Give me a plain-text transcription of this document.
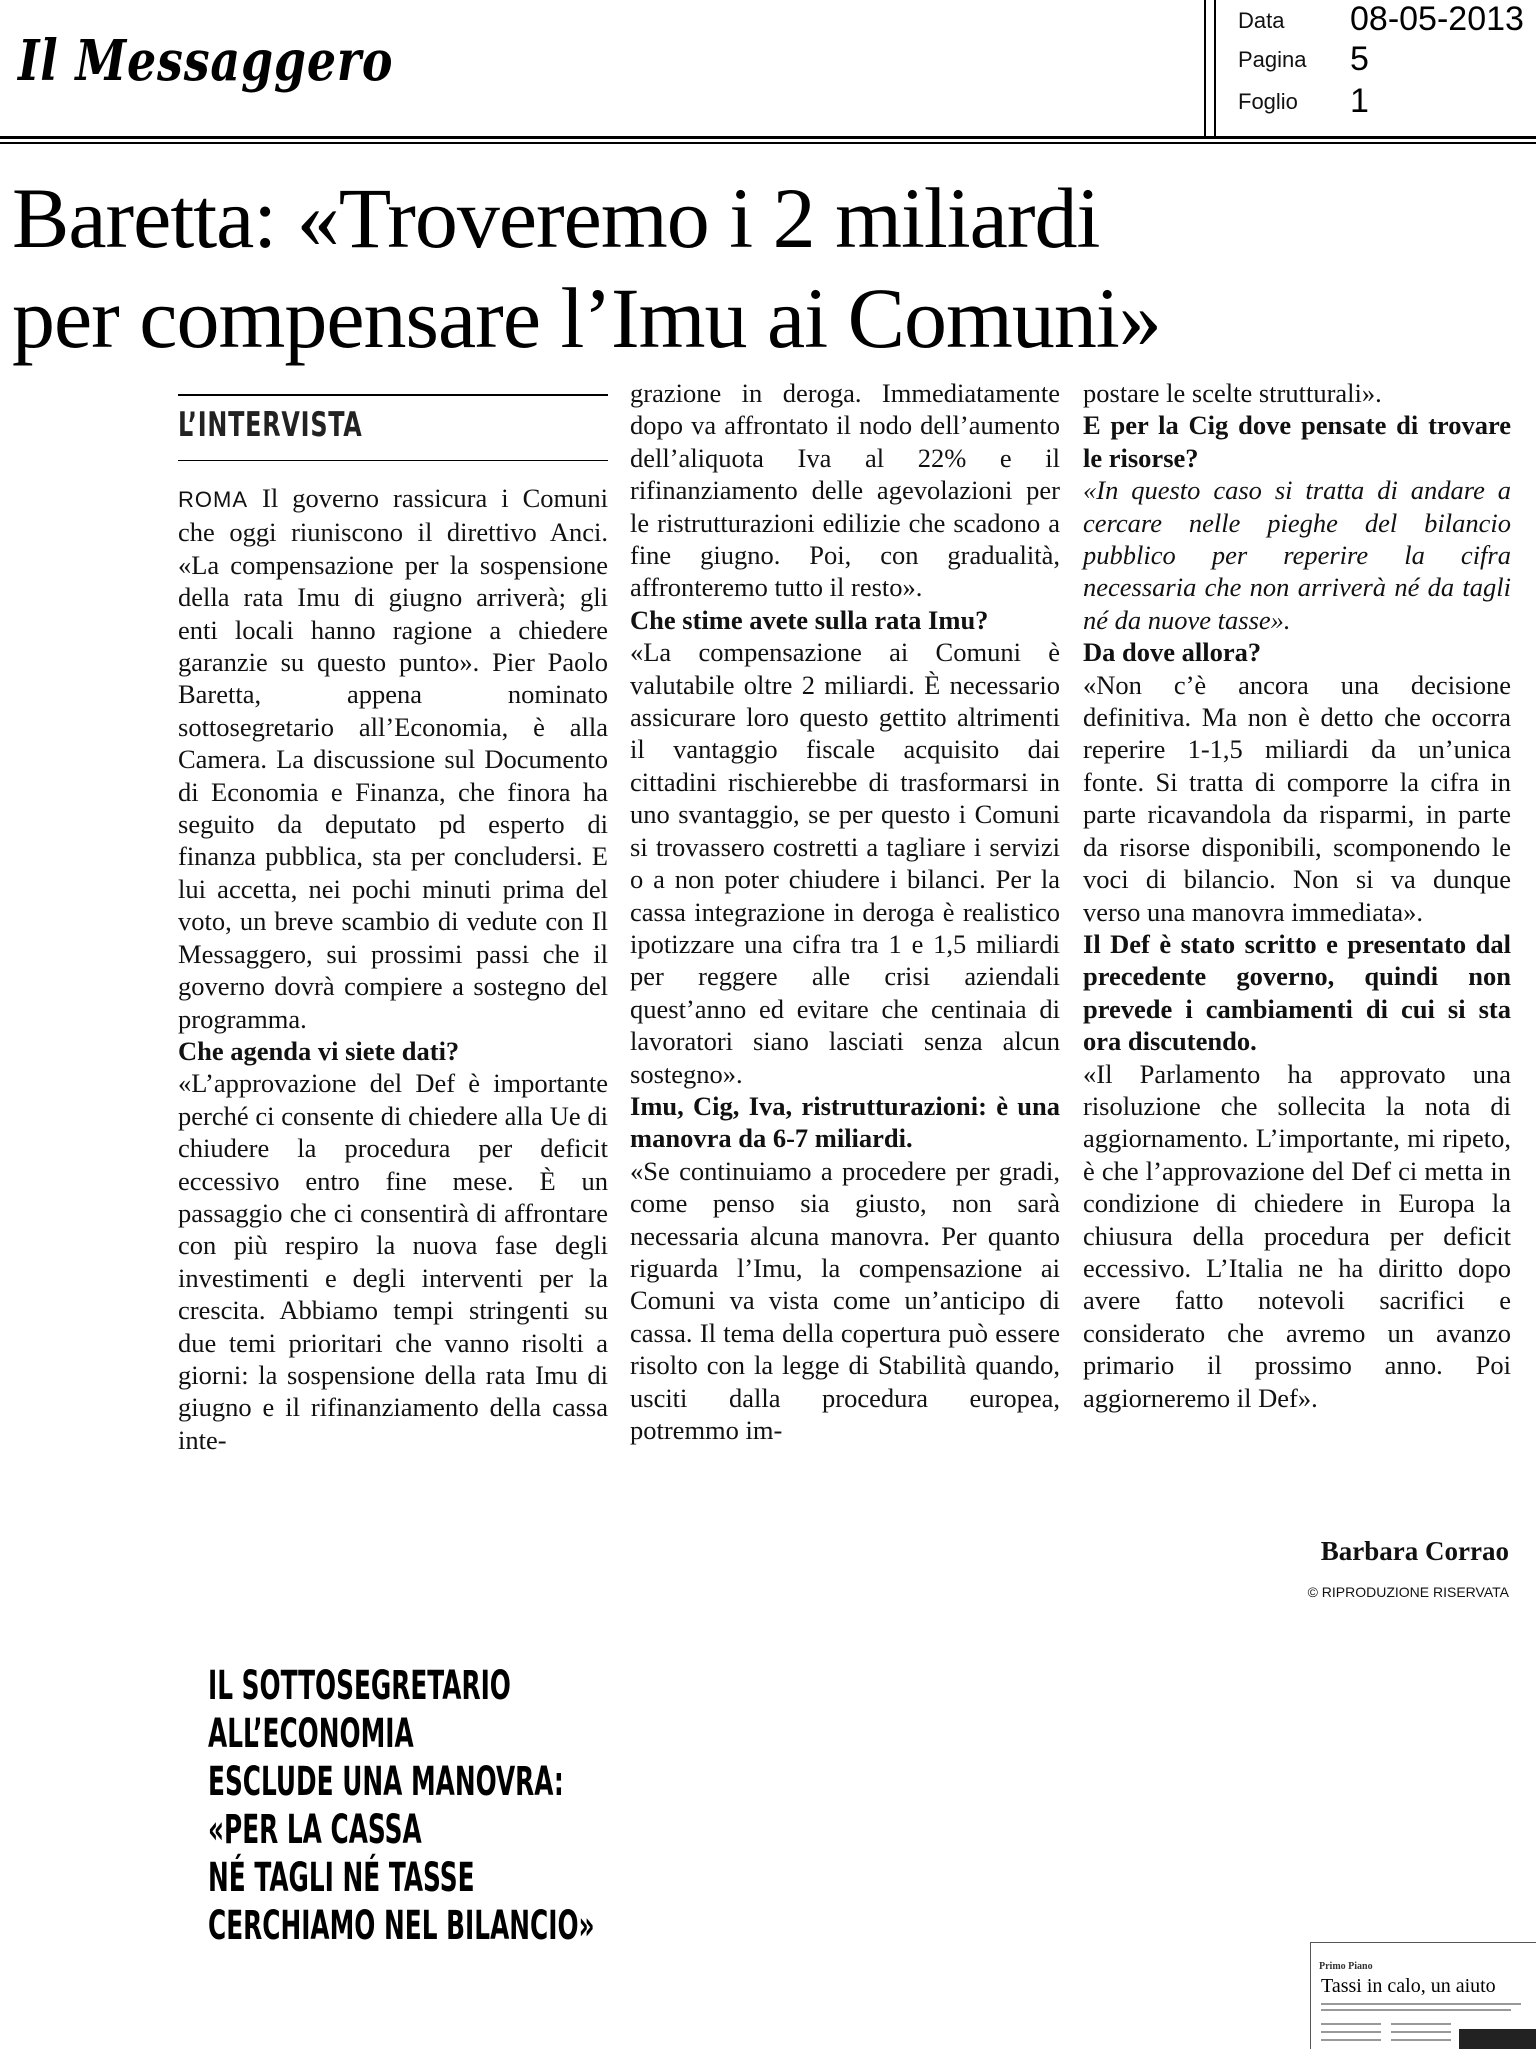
Il Messaggero
Data 08-05-2013
Pagina 5
Foglio 1
Baretta: «Troveremo i 2 miliardi
per compensare l’Imu ai Comuni»
L’INTERVISTA

ROMA Il governo rassicura i Comuni che oggi riuniscono il direttivo Anci. «La compensazione per la sospensione della rata Imu di giugno arriverà; gli enti locali hanno ragione a chiedere garanzie su questo punto». Pier Paolo Baretta, appena nominato sottosegretario all’Economia, è alla Camera. La discussione sul Documento di Economia e Finanza, che finora ha seguito da deputato pd esperto di finanza pubblica, sta per concludersi. E lui accetta, nei pochi minuti prima del voto, un breve scambio di vedute con Il Messaggero, sui prossimi passi che il governo dovrà compiere a sostegno del programma.

Che agenda vi siete dati?

«L’approvazione del Def è importante perché ci consente di chiedere alla Ue di chiudere la procedura per deficit eccessivo entro fine mese. È un passaggio che ci consentirà di affrontare con più respiro la nuova fase degli investimenti e degli interventi per la crescita. Abbiamo tempi stringenti su due temi prioritari che vanno risolti a giorni: la sospensione della rata Imu di giugno e il rifinanziamento della cassa inte-

grazione in deroga. Immediatamente dopo va affrontato il nodo dell’aumento dell’aliquota Iva al 22% e il rifinanziamento delle agevolazioni per le ristrutturazioni edilizie che scadono a fine giugno. Poi, con gradualità, affronteremo tutto il resto».

Che stime avete sulla rata Imu?

«La compensazione ai Comuni è valutabile oltre 2 miliardi. È necessario assicurare loro questo gettito altrimenti il vantaggio fiscale acquisito dai cittadini rischierebbe di trasformarsi in uno svantaggio, se per questo i Comuni si trovassero costretti a tagliare i servizi o a non poter chiudere i bilanci. Per la cassa integrazione in deroga è realistico ipotizzare una cifra tra 1 e 1,5 miliardi per reggere alle crisi aziendali quest’anno ed evitare che centinaia di lavoratori siano lasciati senza alcun sostegno».

Imu, Cig, Iva, ristrutturazioni: è una manovra da 6-7 miliardi.

«Se continuiamo a procedere per gradi, come penso sia giusto, non sarà necessaria alcuna manovra. Per quanto riguarda l’Imu, la compensazione ai Comuni va vista come un’anticipo di cassa. Il tema della copertura può essere risolto con la legge di Stabilità quando, usciti dalla procedura europea, potremmo im-

postare le scelte strutturali».

E per la Cig dove pensate di trovare le risorse?

«In questo caso si tratta di andare a cercare nelle pieghe del bilancio pubblico per reperire la cifra necessaria che non arriverà né da tagli né da nuove tasse».

Da dove allora?

«Non c’è ancora una decisione definitiva. Ma non è detto che occorra reperire 1-1,5 miliardi da un’unica fonte. Si tratta di comporre la cifra in parte ricavandola da risparmi, in parte da risorse disponibili, scomponendo le voci di bilancio. Non si va dunque verso una manovra immediata».

Il Def è stato scritto e presentato dal precedente governo, quindi non prevede i cambiamenti di cui si sta ora discutendo.

«Il Parlamento ha approvato una risoluzione che sollecita la nota di aggiornamento. L’importante, mi ripeto, è che l’approvazione del Def ci metta in condizione di chiedere in Europa la chiusura della procedura per deficit eccessivo. L’Italia ne ha diritto dopo avere fatto notevoli sacrifici e considerato che avremo un avanzo primario il prossimo anno. Poi aggiorneremo il Def».

Barbara Corrao
© RIPRODUZIONE RISERVATA
IL SOTTOSEGRETARIO
ALL’ECONOMIA
ESCLUDE UNA MANOVRA:
«PER LA CASSA
NÉ TAGLI NÉ TASSE
CERCHIAMO NEL BILANCIO»
Primo Piano
Tassi in calo, un aiuto
